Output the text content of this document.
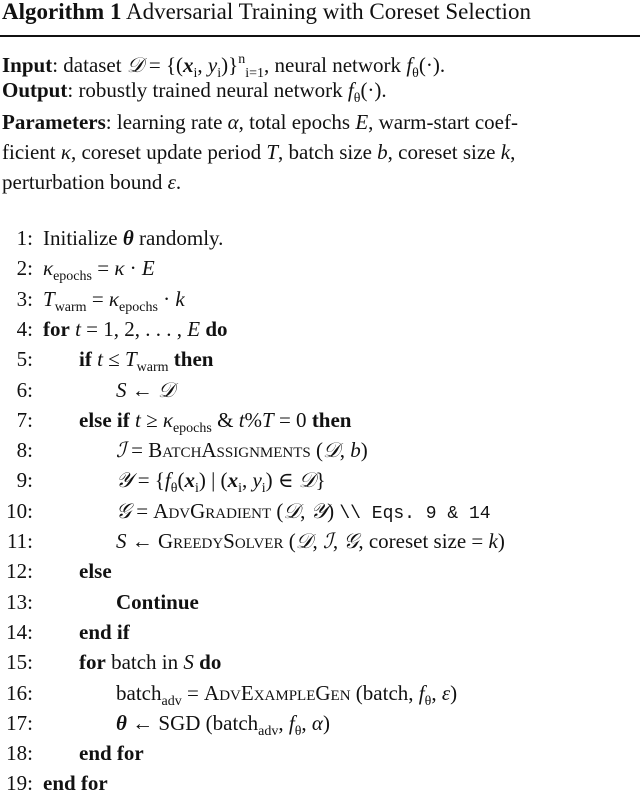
Algorithm 1 Adversarial Training with Coreset Selection
Input: dataset 𝒟 = {($x_i$, $y_i)\}^n_{i=1}$, neural network $f_\theta(\cdot)$.
Output: robustly trained neural network $f_\theta(\cdot)$.
Parameters: learning rate α, total epochs E, warm-start coef-
ficient κ, coreset update period T, batch size b, coreset size k,
perturbation bound ε.
1: Initialize θ randomly.
2: $\kappa_{epochs} = \kappa \cdot E$
3: $T_{warm} = \kappa_{epochs} \cdot k$
4: for t = 1, 2, . . . , E do
5: if $t \le T_{warm}$ then
6:	S ← 𝒟
7: else if $t \ge \kappa_{epochs}$ & t%T = 0 then
8:	ℐ = BatchAssignments (𝒟, b)
9:	𝒴 = {$f_\theta(x_i)$ | ($x_i$, $y_i$) ∈ 𝒟}
10:	𝒢 = AdvGradient (𝒟, 𝒴) \\ Eqs. 9 & 14
11:	S ← GreedySolver (𝒟, ℐ, 𝒢, coreset size = k)
12: else
13:	Continue
14: end if
15: for batch in S do
16:	batch$_{adv}$ = AdvExampleGen (batch, $f_\theta$, ε)
17:	θ ← SGD (batch$_{adv}$, $f_\theta$, α)
18: end for
19: end for
